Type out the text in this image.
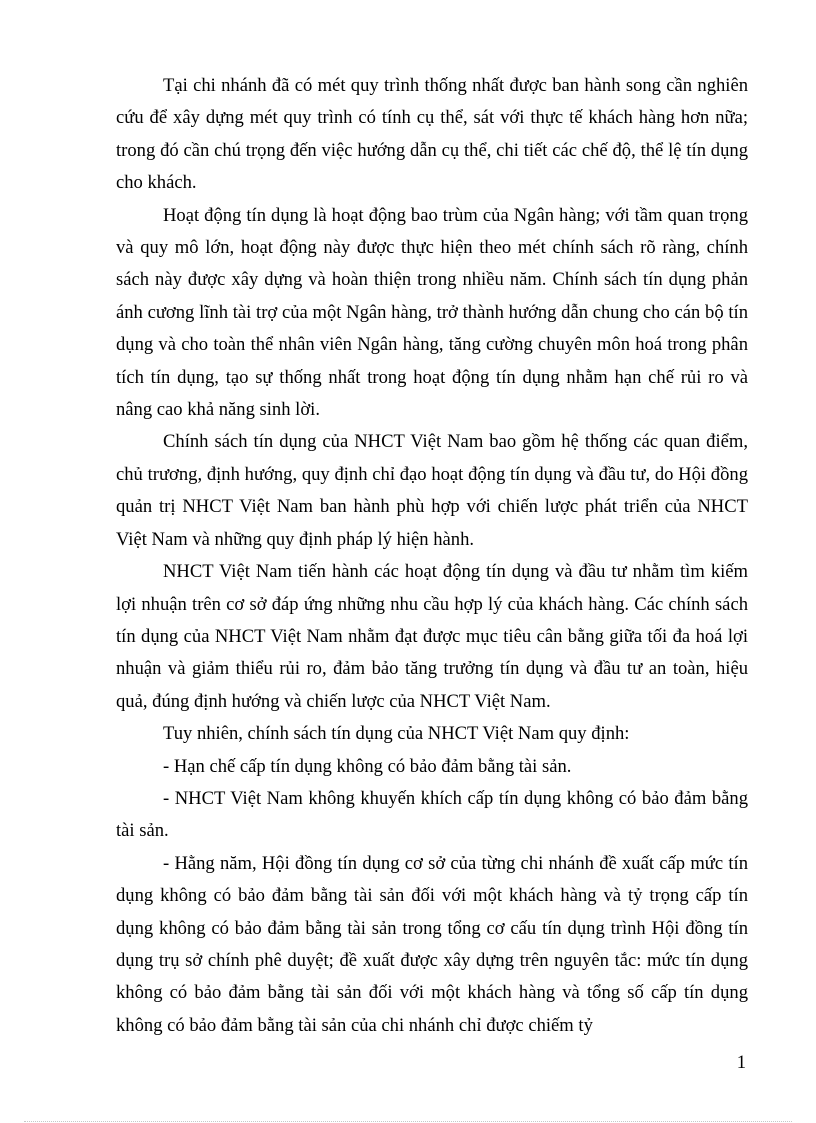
Tại chi nhánh đã có mét quy trình thống nhất được ban hành song cần nghiên cứu để xây dựng mét quy trình có tính cụ thể, sát với thực tế khách hàng hơn nữa; trong đó cần chú trọng đến việc hướng dẫn cụ thể, chi tiết các chế độ, thể lệ tín dụng cho khách.

Hoạt động tín dụng là hoạt động bao trùm của Ngân hàng; với tầm quan trọng và quy mô lớn, hoạt động này được thực hiện theo mét chính sách rõ ràng, chính sách này được xây dựng và hoàn thiện trong nhiều năm. Chính sách tín dụng phản ánh cương lĩnh tài trợ của một Ngân hàng, trở thành hướng dẫn chung cho cán bộ tín dụng và cho toàn thể nhân viên Ngân hàng, tăng cường chuyên môn hoá trong phân tích tín dụng, tạo sự thống nhất trong hoạt động tín dụng nhằm hạn chế rủi ro và nâng cao khả năng sinh lời.

Chính sách tín dụng của NHCT Việt Nam bao gồm hệ thống các quan điểm, chủ trương, định hướng, quy định chỉ đạo hoạt động tín dụng và đầu tư, do Hội đồng quản trị NHCT Việt Nam ban hành phù hợp với chiến lược phát triển của NHCT Việt Nam và những quy định pháp lý hiện hành.

NHCT Việt Nam tiến hành các hoạt động tín dụng và đầu tư nhằm tìm kiếm lợi nhuận trên cơ sở đáp ứng những nhu cầu hợp lý của khách hàng. Các chính sách tín dụng của NHCT Việt Nam nhằm đạt được mục tiêu cân bằng giữa tối đa hoá lợi nhuận và giảm thiểu rủi ro, đảm bảo tăng trưởng tín dụng và đầu tư an toàn, hiệu quả, đúng định hướng và chiến lược của NHCT Việt Nam.

Tuy nhiên, chính sách tín dụng của NHCT Việt Nam quy định:

- Hạn chế cấp tín dụng không có bảo đảm bằng tài sản.

- NHCT Việt Nam không khuyến khích cấp tín dụng không có bảo đảm bằng tài sản.

- Hằng năm, Hội đồng tín dụng cơ sở của từng chi nhánh đề xuất cấp mức tín dụng không có bảo đảm bằng tài sản đối với một khách hàng và tỷ trọng cấp tín dụng không có bảo đảm bằng tài sản trong tổng cơ cấu tín dụng trình Hội đồng tín dụng trụ sở chính phê duyệt; đề xuất được xây dựng trên nguyên tắc: mức tín dụng không có bảo đảm bằng tài sản đối với một khách hàng và tổng số cấp tín dụng không có bảo đảm bằng tài sản của chi nhánh chỉ được chiếm tỷ

1
